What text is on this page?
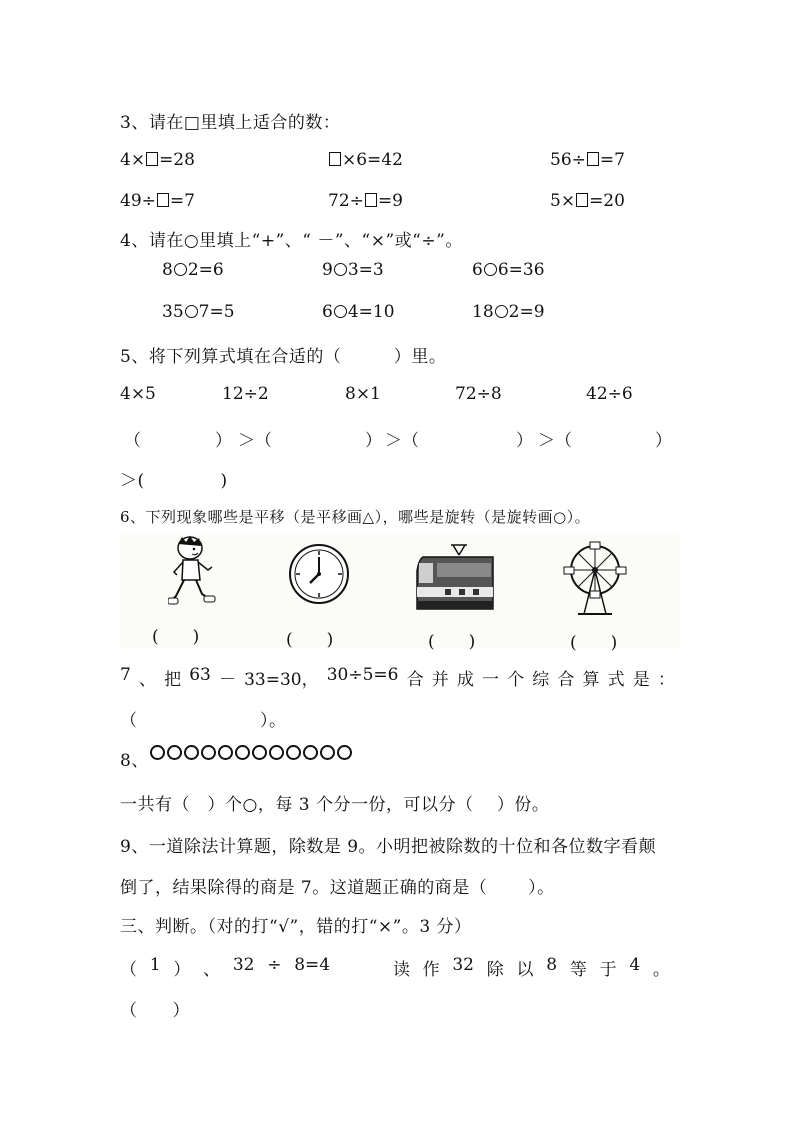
3、请在□里填上适合的数：
4× =28	×6=42	56÷ =7
49÷ =7	72÷ =9	5× =20
4、请在○里填上“+”、“ －”、“×”或“÷”。
8 2=6	9 3=3	6 6=36
35 7=5	6 4=10	18 2=9
5、将下列算式填在合适的（　　　）里。
4×5	12÷2	8×1	72÷8	42÷6
（	） ＞（	） ＞（	） ＞（	）
＞(　　　　 )
6、下列现象哪些是平移（是平移画△），哪些是旋转（是旋转画○）。
(　　)	(　　)	(　　)	(　　)
7 、 把 63 － 33=30， 30÷5=6 合 并 成 一 个 综 合 算 式 是 ：
（　　　　　　　）。
8、
一共有（　）个○，每 3 个分一份，可以分（　 ）份。
9、一道除法计算题，除数是 9。小明把被除数的十位和各位数字看颠
倒了，结果除得的商是 7。这道题正确的商是（　　 ）。
三、判断。（对的打“√”，错的打“×”。3 分）
（ 1 ） 、 32 ÷ 8=4	读 作 32 除 以 8 等 于 4 。
（　　）
